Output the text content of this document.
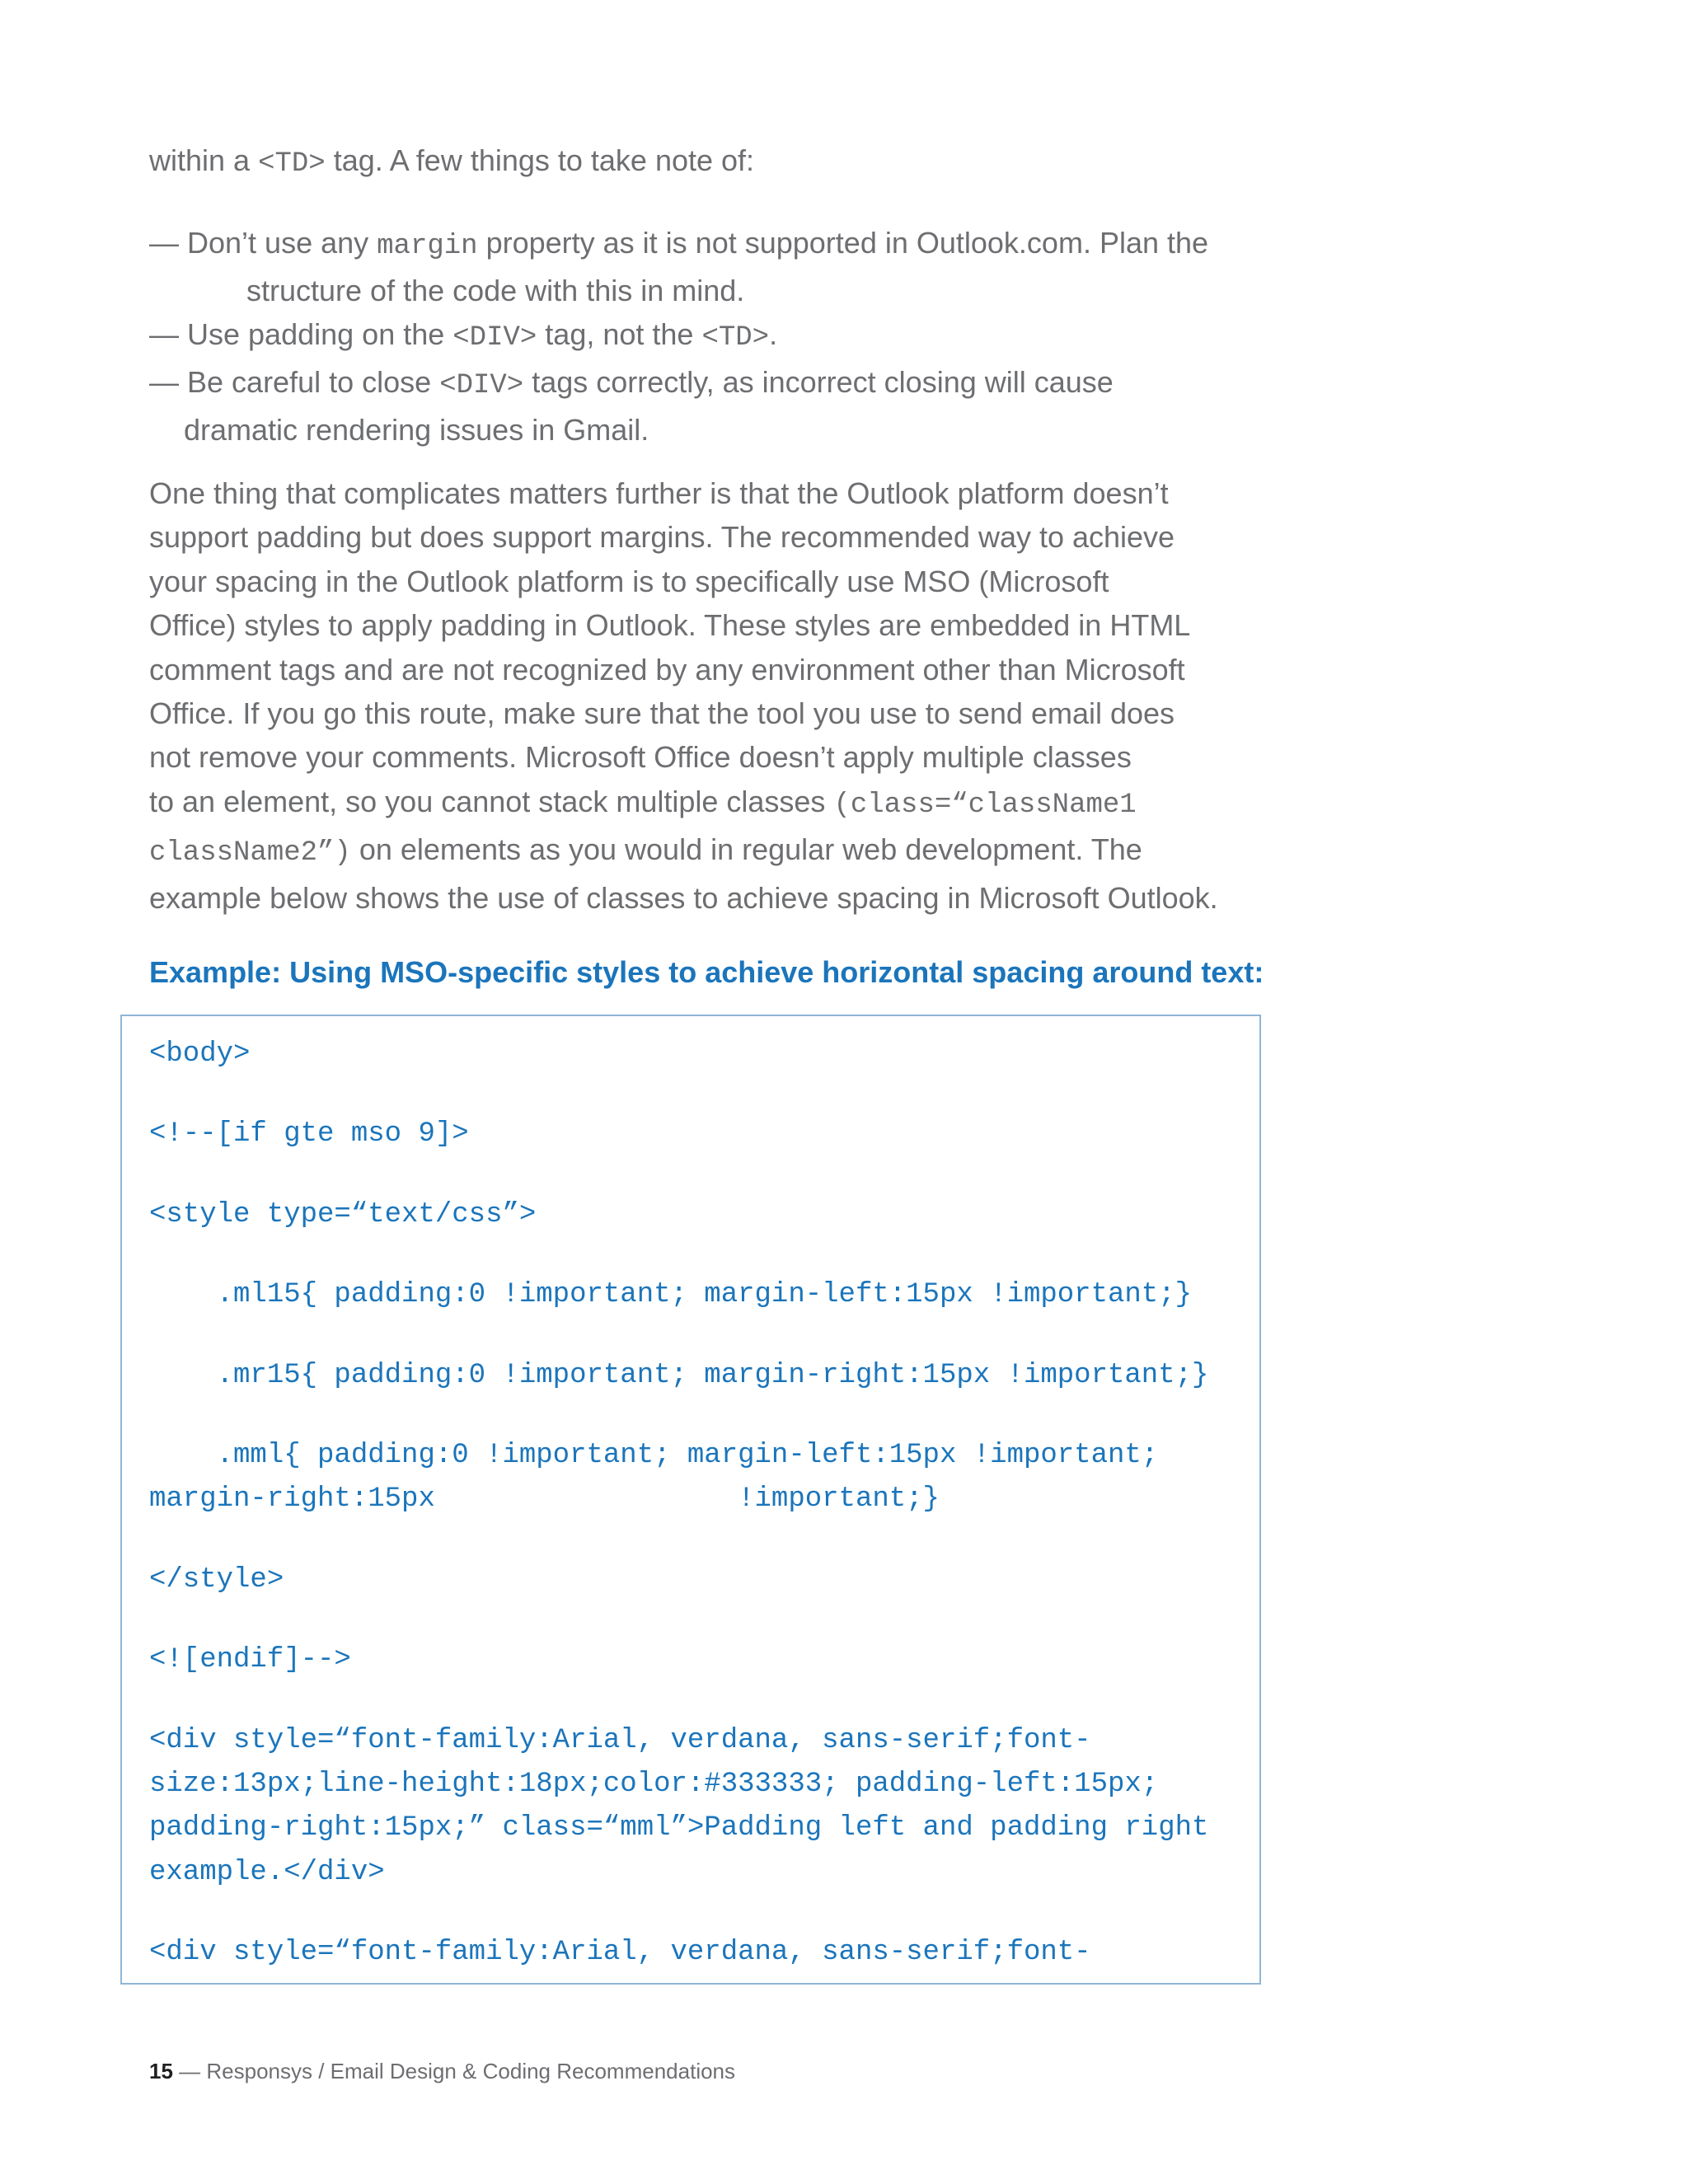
within a <TD> tag. A few things to take note of:

— Don’t use any margin property as it is not supported in Outlook.com. Plan the
structure of the code with this in mind.
— Use padding on the <DIV> tag, not the <TD>.
— Be careful to close <DIV> tags correctly, as incorrect closing will cause
dramatic rendering issues in Gmail.

One thing that complicates matters further is that the Outlook platform doesn’t
support padding but does support margins. The recommended way to achieve
your spacing in the Outlook platform is to specifically use MSO (Microsoft
Office) styles to apply padding in Outlook. These styles are embedded in HTML
comment tags and are not recognized by any environment other than Microsoft
Office. If you go this route, make sure that the tool you use to send email does
not remove your comments. Microsoft Office doesn’t apply multiple classes
to an element, so you cannot stack multiple classes (class=“className1
className2”) on elements as you would in regular web development. The
example below shows the use of classes to achieve spacing in Microsoft Outlook.

Example: Using MSO-specific styles to achieve horizontal spacing around text:
<body>
<!--[if gte mso 9]>
<style type=“text/css”>
.ml15{ padding:0 !important; margin-left:15px !important;}
.mr15{ padding:0 !important; margin-right:15px !important;}
.mml{ padding:0 !important; margin-left:15px !important;
margin-right:15px                  !important;}
</style>
<![endif]-->
<div style=“font-family:Arial, verdana, sans-serif;font-
size:13px;line-height:18px;color:#333333; padding-left:15px;
padding-right:15px;” class=“mml”>Padding left and padding right
example.</div>
<div style=“font-family:Arial, verdana, sans-serif;font-

15 — Responsys / Email Design & Coding Recommendations
